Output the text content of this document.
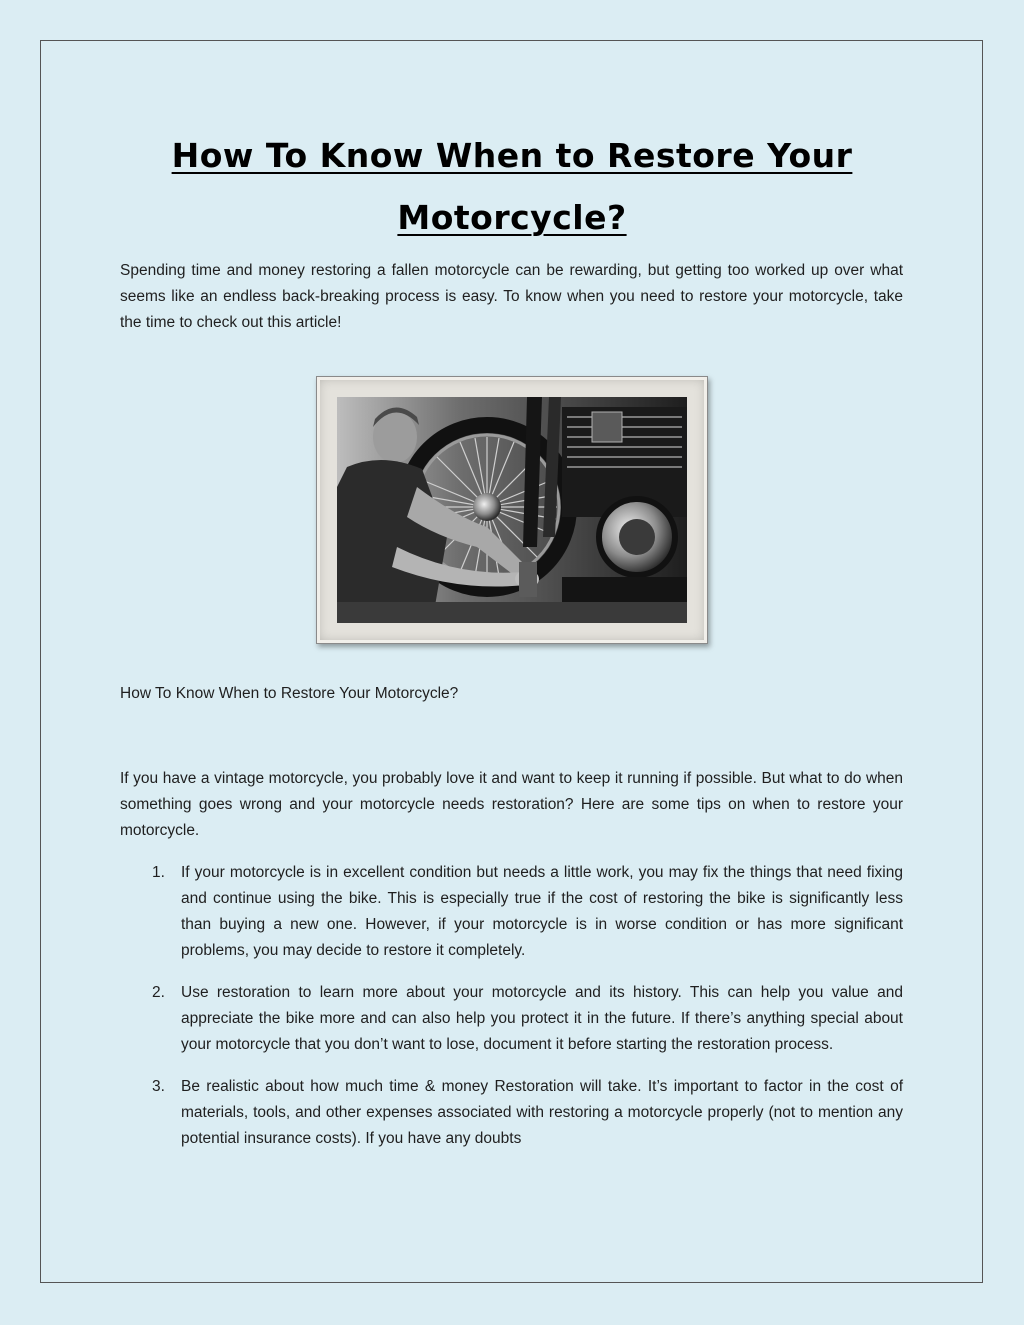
How To Know When to Restore Your Motorcycle?

Spending time and money restoring a fallen motorcycle can be rewarding, but getting too worked up over what seems like an endless back-breaking process is easy. To know when you need to restore your motorcycle, take the time to check out this article!

How To Know When to Restore Your Motorcycle?

If you have a vintage motorcycle, you probably love it and want to keep it running if possible. But what to do when something goes wrong and your motorcycle needs restoration? Here are some tips on when to restore your motorcycle.

1. If your motorcycle is in excellent condition but needs a little work, you may fix the things that need fixing and continue using the bike. This is especially true if the cost of restoring the bike is significantly less than buying a new one. However, if your motorcycle is in worse condition or has more significant problems, you may decide to restore it completely.
2. Use restoration to learn more about your motorcycle and its history. This can help you value and appreciate the bike more and can also help you protect it in the future. If there’s anything special about your motorcycle that you don’t want to lose, document it before starting the restoration process.
3. Be realistic about how much time & money Restoration will take. It’s important to factor in the cost of materials, tools, and other expenses associated with restoring a motorcycle properly (not to mention any potential insurance costs). If you have any doubts
